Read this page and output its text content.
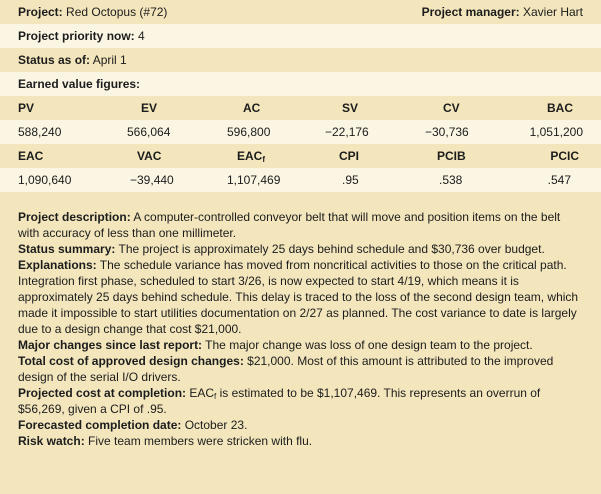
Project: Red Octopus (#72)	Project manager: Xavier Hart
Project priority now: 4
Status as of: April 1
Earned value figures:
PV	EV	AC	SV	CV	BAC
588,240	566,064	596,800	−22,176	−30,736	1,051,200
EAC	VAC	$EAC_f$	CPI	PCIB	PCIC
1,090,640	−39,440	1,107,469	.95	.538	.547

Project description: A computer-controlled conveyor belt that will move and position items on the belt with accuracy of less than one millimeter.

Status summary: The project is approximately 25 days behind schedule and $30,736 over budget.

Explanations: The schedule variance has moved from noncritical activities to those on the critical path. Integration first phase, scheduled to start 3/26, is now expected to start 4/19, which means it is approximately 25 days behind schedule. This delay is traced to the loss of the second design team, which made it impossible to start utilities documentation on 2/27 as planned. The cost variance to date is largely due to a design change that cost $21,000.

Major changes since last report: The major change was loss of one design team to the project.

Total cost of approved design changes: $21,000. Most of this amount is attributed to the improved design of the serial I/O drivers.

Projected cost at completion: $EAC_f$ is estimated to be $1,107,469. This represents an overrun of $56,269, given a CPI of .95.

Forecasted completion date: October 23.

Risk watch: Five team members were stricken with flu.
